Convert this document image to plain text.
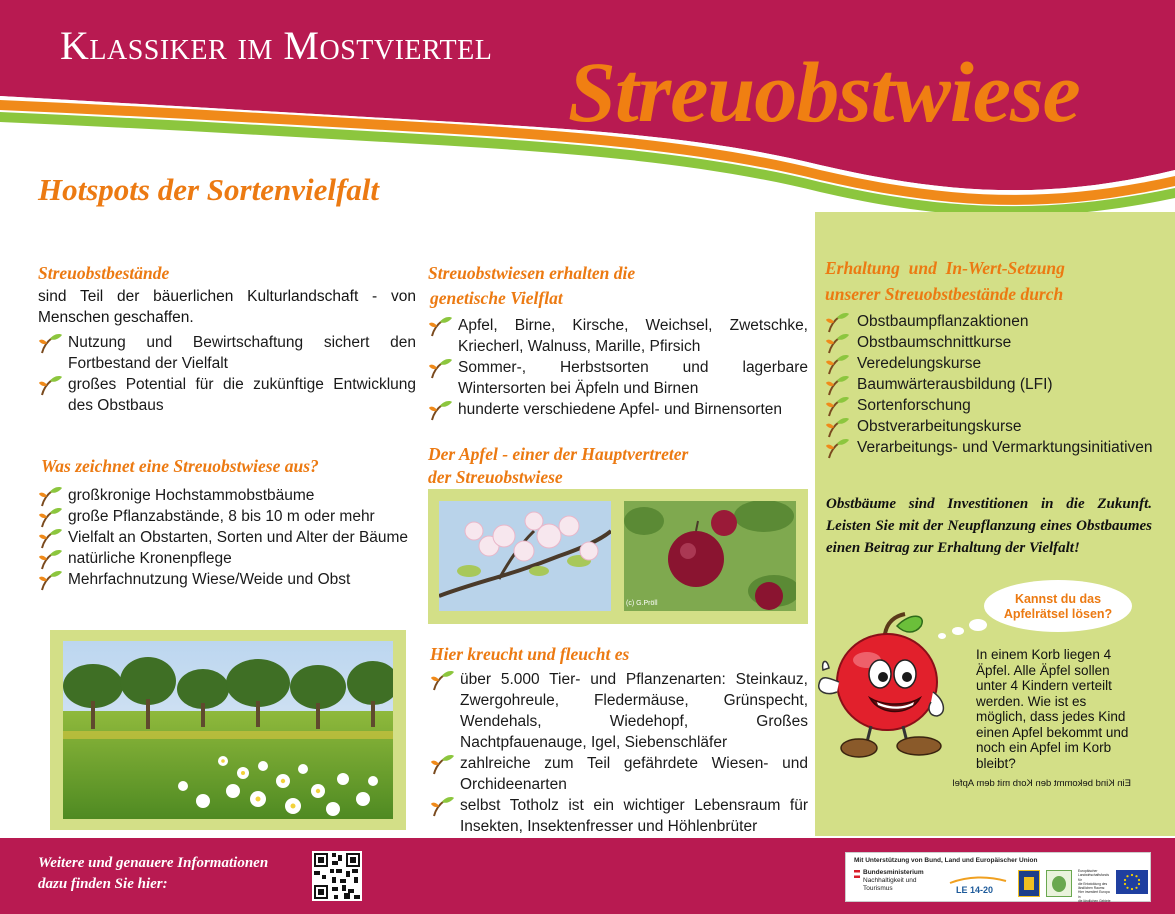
Klassiker im Mostviertel Streuobstwiese
Hotspots der Sortenvielfalt
Streuobstbestände
sind Teil der bäuerlichen Kulturlandschaft - von Menschen geschaffen.
Nutzung und Bewirtschaftung sichert den Fortbestand der Vielfalt
großes Potential für die zukünftige Entwicklung des Obstbaus
Was zeichnet eine Streuobstwiese aus?
großkronige Hochstammobstbäume
große Pflanzabstände, 8 bis 10 m oder mehr
Vielfalt an Obstarten, Sorten und Alter der Bäume
natürliche Kronenpflege
Mehrfachnutzung Wiese/Weide und Obst
Streuobstwiesen erhalten die
genetische Vielflat
Apfel, Birne, Kirsche, Weichsel, Zwetschke, Kriecherl, Walnuss, Marille, Pfirsich
Sommer-, Herbstsorten und lagerbare Wintersorten bei Äpfeln und Birnen
hunderte verschiedene Apfel- und Birnensorten
Der Apfel - einer der Hauptvertreter
der Streuobstwiese
(c) G.Pröll
Hier kreucht und fleucht es
über 5.000 Tier- und Pflanzenarten: Steinkauz, Zwergohreule, Fledermäuse, Grünspecht, Wendehals, Wiedehopf, Großes Nachtpfauenauge, Igel, Siebenschläfer
zahlreiche zum Teil gefährdete Wiesen- und Orchideenarten
selbst Totholz ist ein wichtiger Lebensraum für Insekten, Insektenfresser und Höhlenbrüter
Erhaltung  und  In-Wert-Setzung
unserer Streuobstbestände durch
Obstbaumpflanzaktionen
Obstbaumschnittkurse
Veredelungskurse
Baumwärterausbildung (LFI)
Sortenforschung
Obstverarbeitungskurse
Verarbeitungs- und Vermarktungsinitiativen
Obstbäume sind Investitionen in die Zukunft. Leisten Sie mit der Neupflanzung eines Obstbaumes einen Beitrag zur Erhaltung der Vielfalt!
Kannst du das
Apfelrätsel lösen?
In einem Korb liegen 4 Äpfel. Alle Äpfel sollen unter 4 Kindern verteilt werden. Wie ist es möglich, dass jedes Kind einen Apfel bekommt und noch ein Apfel im Korb bleibt?
Ein Kind bekommt den Korb mit dem Apfel
Weitere und genauere Informationen
dazu finden Sie hier:
Mit Unterstützung von Bund, Land und Europäischer Union
Bundesministerium
Nachhaltigkeit und
Tourismus	LE 14-20
Europäischer
Landwirtschaftsfonds für
die Entwicklung des
ländlichen Raums:
Hier investiert Europa in
die ländlichen Gebiete
